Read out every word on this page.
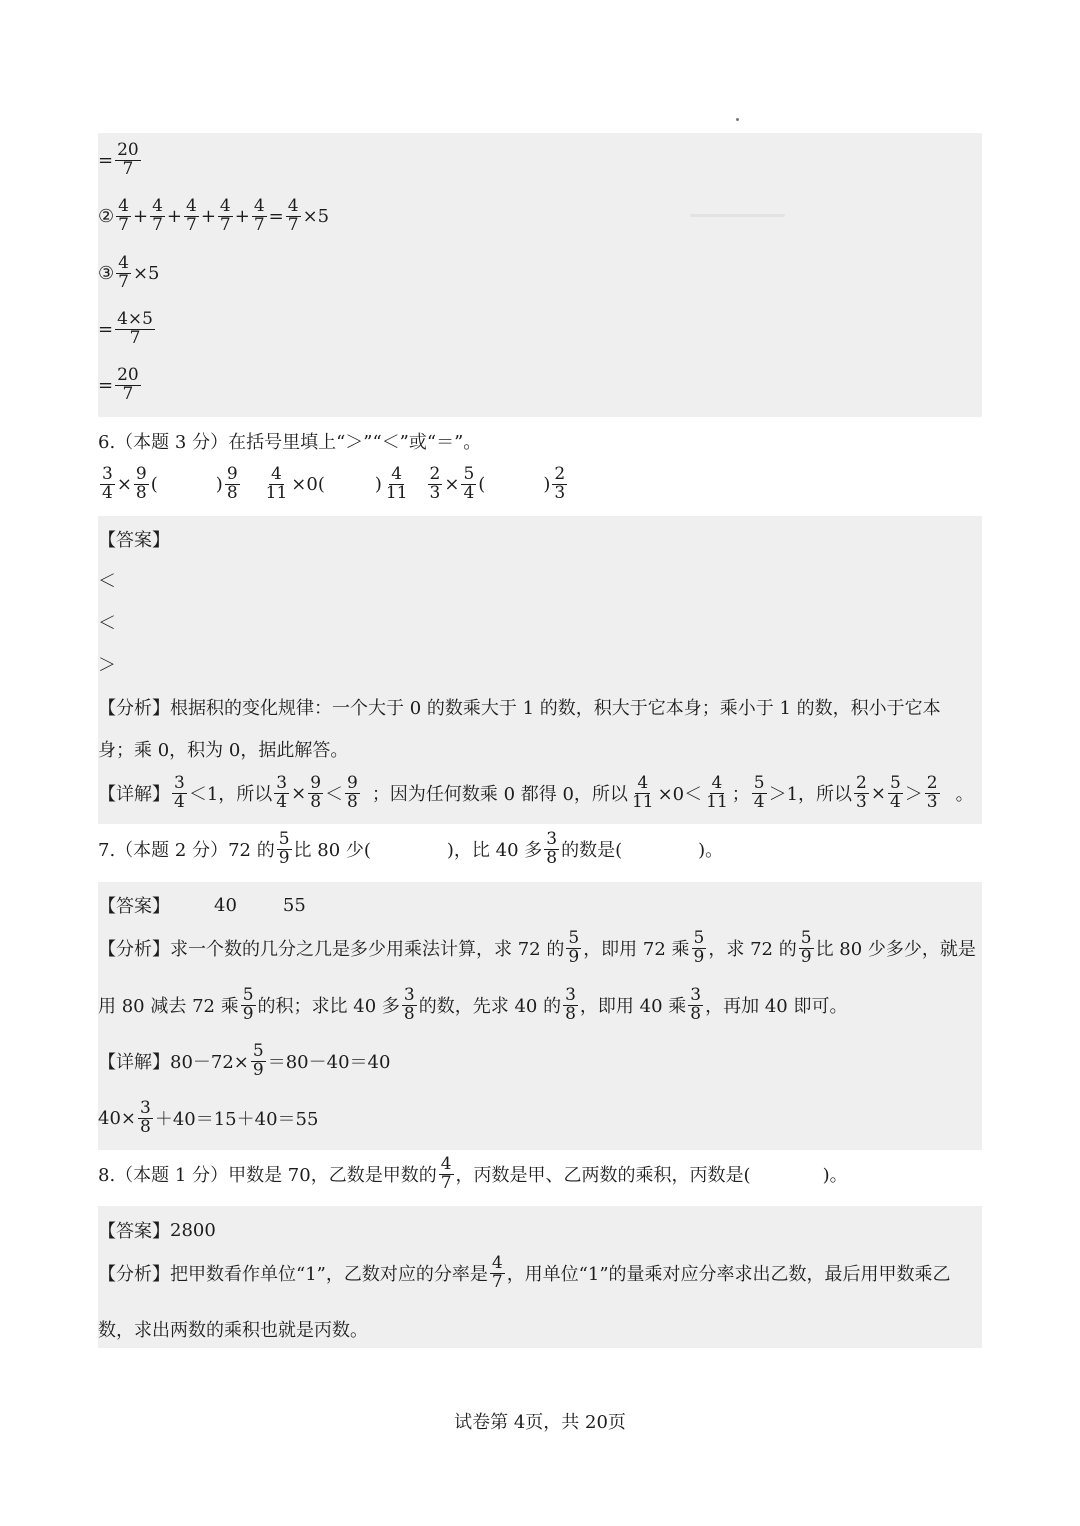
= $\frac{20}{7}$
② $\frac{4}{7} + \frac{4}{7} + \frac{4}{7} + \frac{4}{7} + \frac{4}{7} = \frac{4}{7} \times 5$
③ $\frac{4}{7} \times 5$
= $\frac{4\times 5}{7}$
= $\frac{20}{7}$
6.（本题 3 分）在括号里填上“＞”“＜”或“＝”。
$\frac{3}{4} \times \frac{9}{8}$ (	) $\frac{9}{8} \frac{4}{11} \times 0$ (	) $\frac{4}{11} \frac{2}{3} \times \frac{5}{4}$ (	) $\frac{2}{3}$
【答案】
＜
＜
＞
【分析】 根据积的变化规律：一个大于 0 的数乘大于 1 的数，积大于它本身；乘小于 1 的数，积小于它本
身；乘 0，积为 0，据此解答。
【详解】 $\frac{3}{4} <1$，所以 $\frac{3}{4} \times \frac{9}{8} < \frac{9}{8}$ ；因为任何数乘 0 都得 0，所以 $\frac{4}{11} \times 0< \frac{4}{11}$ ； $\frac{5}{4} >1$，所以 $\frac{2}{3} \times \frac{5}{4} > \frac{2}{3}$ 。
7.（本题 2 分）72 的 $\frac{5}{9}$ 比 80 少(	)，比 40 多 $\frac{3}{8}$ 的数是(	)。
【答案】 40	55
【分析】 求一个数的几分之几是多少用乘法计算，求 72 的 $\frac{5}{9}$ ，即用 72 乘 $\frac{5}{9}$ ，求 72 的 $\frac{5}{9}$ 比 80 少多少，就是
用 80 减去 72 乘 $\frac{5}{9}$ 的积；求比 40 多 $\frac{3}{8}$ 的数，先求 40 的 $\frac{3}{8}$ ，即用 40 乘 $\frac{3}{8}$ ，再加 40 即可。
【详解】 $80-72\times \frac{5}{9} =80-40=40$
$40\times \frac{3}{8} +40=15+40=55$
8.（本题 1 分）甲数是 70，乙数是甲数的 $\frac{4}{7}$ ，丙数是甲、乙两数的乘积，丙数是(	)。
【答案】 2800
【分析】 把甲数看作单位“1”，乙数对应的分率是 $\frac{4}{7}$ ，用单位“1”的量乘对应分率求出乙数，最后用甲数乘乙
数，求出两数的乘积也就是丙数。
试卷第 4页，共 20页
